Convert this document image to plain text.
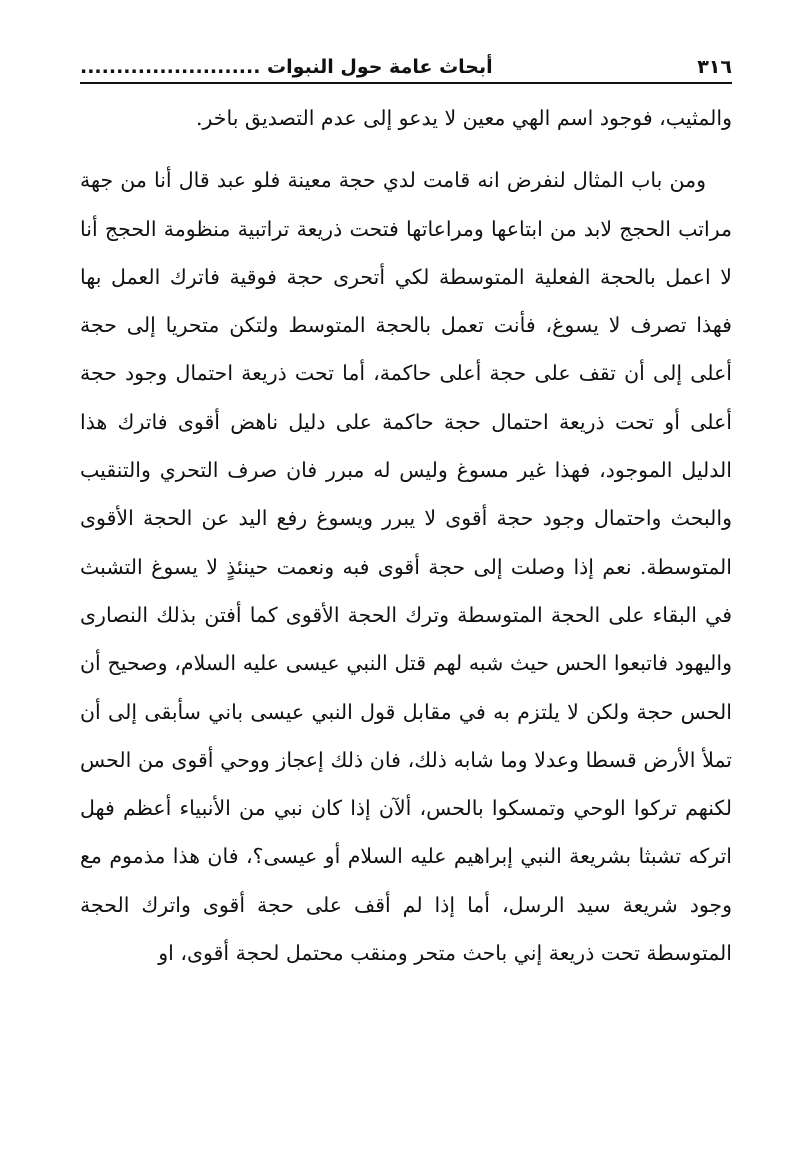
٣١٦
أبحاث عامة حول النبوات .........................

والمثيب، فوجود اسم الهي معين لا يدعو إلى عدم التصديق باخر.

ومن باب المثال لنفرض انه قامت لدي حجة معينة فلو عبد قال أنا من جهة مراتب الحجج لابد من ابتاعها ومراعاتها فتحت ذريعة تراتبية منظومة الحجج أنا لا اعمل بالحجة الفعلية المتوسطة لكي أتحرى حجة فوقية فاترك العمل بها فهذا تصرف لا يسوغ، فأنت تعمل بالحجة المتوسط ولتكن متحريا إلى حجة أعلى إلى أن تقف على حجة أعلى حاكمة، أما تحت ذريعة احتمال وجود حجة أعلى أو تحت ذريعة احتمال حجة حاكمة على دليل ناهض أقوى فاترك هذا الدليل الموجود، فهذا غير مسوغ وليس له مبرر فان صرف التحري والتنقيب والبحث واحتمال وجود حجة أقوى لا يبرر ويسوغ رفع اليد عن الحجة الأقوى المتوسطة. نعم إذا وصلت إلى حجة أقوى فبه ونعمت حينئذٍ لا يسوغ التشبث في البقاء على الحجة المتوسطة وترك الحجة الأقوى كما أفتن بذلك النصارى واليهود فاتبعوا الحس حيث شبه لهم قتل النبي عيسى عليه السلام، وصحيح أن الحس حجة ولكن لا يلتزم به في مقابل قول النبي عيسى باني سأبقى إلى أن تملأ الأرض قسطا وعدلا وما شابه ذلك، فان ذلك إعجاز ووحي أقوى من الحس لكنهم تركوا الوحي وتمسكوا بالحس، ألآن إذا كان نبي من الأنبياء أعظم فهل اتركه تشبثا بشريعة النبي إبراهيم عليه السلام أو عيسى؟، فان هذا مذموم مع وجود شريعة سيد الرسل، أما إذا لم أقف على حجة أقوى واترك الحجة المتوسطة تحت ذريعة إني باحث متحر ومنقب محتمل لحجة أقوى، او
